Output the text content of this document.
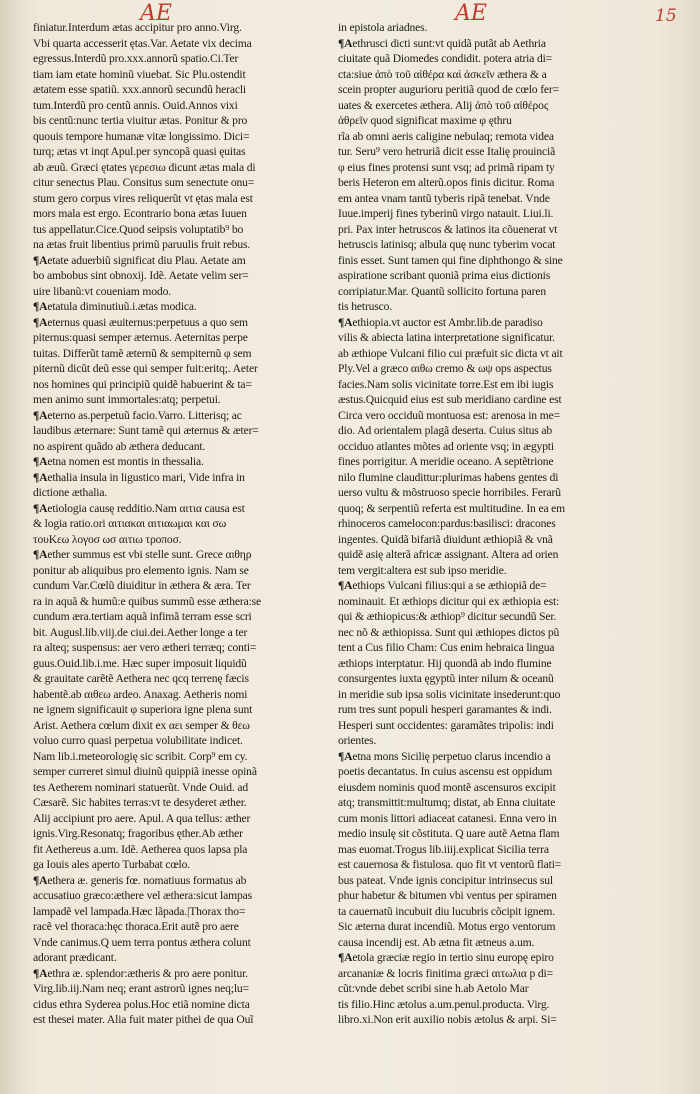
AE	AE	15
finiatur.Interdum ætas accipitur pro anno.Virg.
Vbi quarta accesserit ętas.Var. Aetate vix decima
egressus.Interdũ pro.xxx.annorũ spatio.Ci.Ter
tiam iam etate hominũ viuebat. Sic Plu.ostendit
ætatem esse spatiũ. xxx.annorũ secundũ heracli
tum.Interdũ pro centũ annis. Ouid.Annos vixi
bis centũ:nunc tertia viuitur ætas. Ponitur & pro
quouis tempore humanæ vitæ longissimo. Dici=
turq; ætas vt inqt Apul.per syncopã quasi ęuitas
ab æuũ. Græci ętates γερεσιω dicunt ætas mala di
citur senectus Plau. Consitus sum senectute onu=
stum gero corpus vires reliquerũt vt ętas mala est
mors mala est ergo. Econtrario bona ætas Iuuen
tus appellatur.Cice.Quod seipsis voluptatib⁹ bo
na ætas fruit libentius primũ paruulis fruit rebus.
¶Aetate aduerbiũ significat diu Plau. Aetate am
bo ambobus sint obnoxij. Idẽ. Aetate velim ser=
uire libanũ:vt coueniam modo.
¶Aetatula diminutiuũ.i.ætas modica.
¶Aeternus quasi æuiternus:perpetuus a quo sem
piternus:quasi semper æternus. Aeternitas perpe
tuitas. Differũt tamẽ æternũ & sempiternũ φ sem
piternũ dicũt deũ esse qui semper fuit:eritq;. Aeter
nos homines qui principiũ quidẽ habuerint & ta=
men animo sunt immortales:atq; perpetui.
¶Aeterno as.perpetuũ facio.Varro. Litterisq; ac
laudibus æternare: Sunt tamẽ qui æternus & æter=
no aspirent quãdo ab æthera deducant.
¶Aetna nomen est montis in thessalia.
¶Aethalia insula in ligustico mari, Vide infra in
dictione æthalia.
¶Aetiologia causę redditio.Nam αιτια causa est
& logia ratio.ori αιτιακαι αιτιαωμαι και σω
τουΚεω λογοσ ωσ αιτιω τροποσ.
¶Aether summus est vbi stelle sunt. Grece αιθηρ
ponitur ab aliquibus pro elemento ignis. Nam se
cundum Var.Cœlũ diuiditur in æthera & æra. Ter
ra in aquã & humũ:e quibus summũ esse æthera:se
cundum æra.tertiam aquã infimã terram esse scri
bit. Augusl.lib.viij.de ciui.dei.Aether longe a ter
ra alteq; suspensus: aer vero ætheri terræq; conti=
guus.Ouid.lib.i.me. Hæc super imposuit liquidũ
& grauitate carẽtẽ Aethera nec qcq terrenę fæcis
habentẽ.ab αιθεω ardeo. Anaxag. Aetheris nomi
ne ignem significauit φ superiora igne plena sunt
Arist. Aethera cœlum dixit ex αει semper & θεω
voluo curro quasi perpetua volubilitate indicet.
Nam lib.i.meteorologię sic scribit. Corp⁹ em cy.
semper curreret simul diuinũ quippiã inesse opinã
tes Aetherem nominari statuerũt. Vnde Ouid. ad
Cæsarẽ. Sic habites terras:vt te desyderet æther.
Alij accipiunt pro aere. Apul. A qua tellus: æther
ignis.Virg.Resonatq; fragoribus ęther.Ab æther
fit Aethereus a.um. Idẽ. Aetherea quos lapsa pla
ga Iouis ales aperto Turbabat cœlo.
¶Aethera æ. generis fœ. nomatiuus formatus ab
accusatiuo græco:æthere vel æthera:sicut lampas
lampadẽ vel lampada.Hæc lãpada.|Thorax tho=
racẽ vel thoraca:hęc thoraca.Erit autẽ pro aere
Vnde canimus.Q uem terra pontus æthera colunt
adorant prædicant.
¶Aethra æ. splendor:ætheris & pro aere ponitur.
Virg.lib.iij.Nam neq; erant astrorũ ignes neq;lu=
cidus ethra Syderea polus.Hoc etiã nomine dicta
est thesei mater. Alia fuit mater pithei de qua Ouĩ
in epistola ariadnes.
¶Aethrusci dicti sunt:vt quidã putãt ab Aethria
ciuitate quã Diomedes condidit. potera atria di=
cta:siue ἀπὸ τοῦ αἰθέρα καὶ ἀσκεῖν æthera & a
scein propter augurioru peritiã quod de cœlo fer=
uates & exercetes æthera. Alij ἀπὸ τοῦ αἰθέρος
ἀθρεῖν quod significat maxime φ ęthru
rĩa ab omni aeris caligine nebulaq; remota videa
tur. Seru⁹ vero hetruriã dicit esse Italię prouinciã
φ eius fines protensi sunt vsq; ad primã ripam ty
beris Heteron em alterũ.opos finis dicitur. Roma
em antea vnam tantũ tyberis ripã tenebat. Vnde
Iuue.imperij fines tyberinũ virgo natauit. Liui.li.
pri. Pax inter hetruscos & latinos ita cõuenerat vt
hetruscis latinisq; albula quę nunc tyberim vocat
finis esset. Sunt tamen qui fine diphthongo & sine
aspiratione scribant quoniã prima eius dictionis
corripiatur.Mar. Quantũ sollicito fortuna paren
tis hetrusco.
¶Aethiopia.vt auctor est Ambr.lib.de paradiso
vilis & abiecta latina interpretatione significatur.
ab æthiope Vulcani filio cui præfuit sic dicta vt ait
Ply.Vel a græco αιθω cremo & ωψ ops aspectus
facies.Nam solis vicinitate torre.Est em ibi iugis
æstus.Quicquid eius est sub meridiano cardine est
Circa vero occiduũ montuosa est: arenosa in me=
dio. Ad orientalem plagã deserta. Cuius situs ab
occiduo atlantes mõtes ad oriente vsq; in ægypti
fines porrigitur. A meridie oceano. A septẽtrione
nilo flumine claudittur:plurimas habens gentes di
uerso vultu & mõstruoso specie horribiles. Ferarũ
quoq; & serpentiũ referta est multitudine. In ea em
rhinoceros camelocon:pardus:basilisci: dracones
ingentes. Quidã bifariã diuidunt æthiopiã & vnã
quidẽ asię alterã africæ assignant. Altera ad orien
tem vergit:altera est sub ipso meridie.
¶Aethiops Vulcani filius:qui a se æthiopiã de=
nominauit. Et æthiops dicitur qui ex æthiopia est:
qui & æthiopicus:& æthiop⁹ dicitur secundũ Ser.
nec nõ & æthiopissa. Sunt qui æthiopes dictos pũ
tent a Cus filio Cham: Cus enim hebraica lingua
æthiops interptatur. Hij quondã ab indo flumine
consurgentes iuxta ęgyptũ inter nilum & oceanũ
in meridie sub ipsa solis vicinitate insederunt:quo
rum tres sunt populi hesperi garamantes & indi.
Hesperi sunt occidentes: garamãtes tripolis: indi
orientes.
¶Aetna mons Sicilię perpetuo clarus incendio a
poetis decantatus. In cuius ascensu est oppidum
eiusdem nominis quod montẽ ascensuros excipit
atq; transmittit:multumq; distat, ab Enna ciuitate
cum monis littori adiaceat catanesi. Enna vero in
medio insulę sit cõstituta. Q uare autẽ Aetna flam
mas euomat.Trogus lib.iiij.explicat Sicilia terra
est cauernosa & fistulosa. quo fit vt ventorũ flati=
bus pateat. Vnde ignis concipitur intrinsecus sul
phur habetur & bitumen vbi ventus per spiramen
ta cauernatũ incubuit diu lucubris cõcipit ignem.
Sic æterna durat incendiũ. Motus ergo ventorum
causa incendij est. Ab ætna fit ætneus a.um.
¶Aetola græciæ regio in tertio sinu europę epiro
arcananiæ & locris finitima græci αιτωλια p di=
cũt:vnde debet scribi sine h.ab Aetolo Mar
tis filio.Hinc ætolus a.um.penul.producta. Virg.
libro.xi.Non erit auxilio nobis ætolus & arpi. Si=
